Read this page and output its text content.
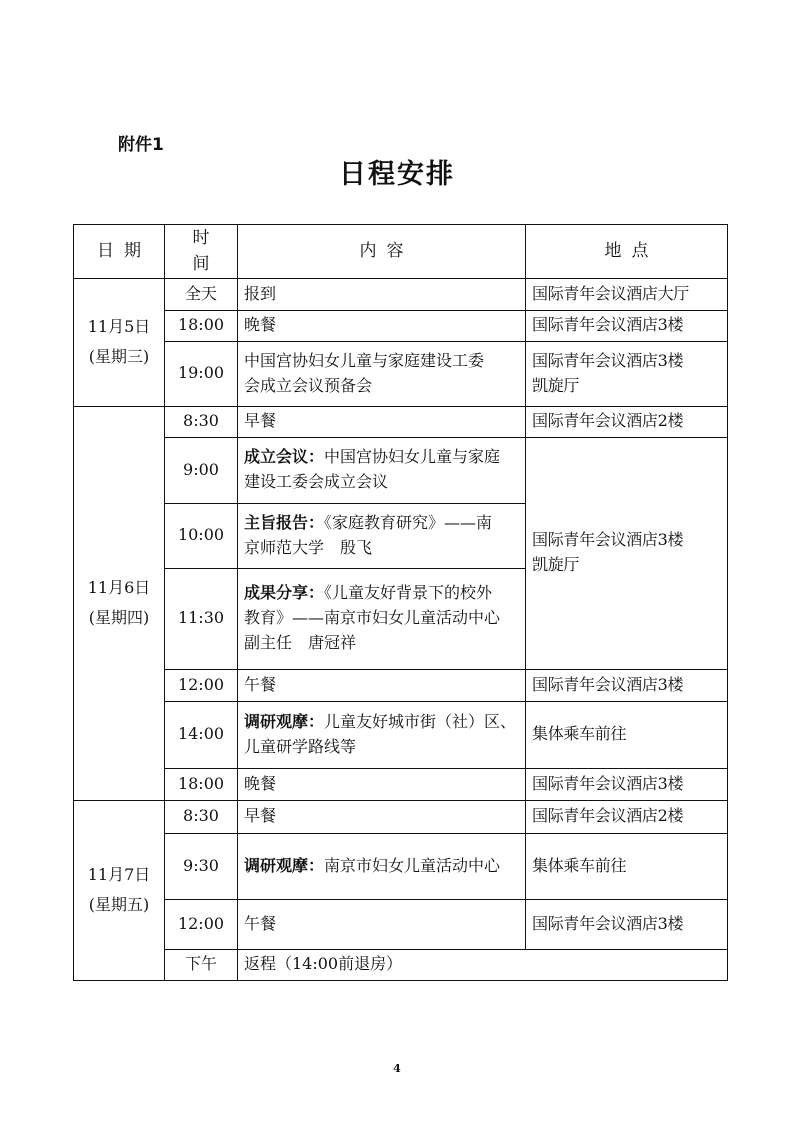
附件1
日程安排
日期	时间	内容	地点

11月5日
(星期三)	全天	报到	国际青年会议酒店大厅

	18:00	晚餐	国际青年会议酒店3楼

	19:00	中国宫协妇女儿童与家庭建设工委
会成立会议预备会	国际青年会议酒店3楼
凯旋厅

11月6日
(星期四)	8:30	早餐	国际青年会议酒店2楼

	9:00	成立会议：中国宫协妇女儿童与家庭
建设工委会成立会议	国际青年会议酒店3楼
凯旋厅

	10:00	主旨报告：《家庭教育研究》——南
京师范大学　殷飞	

	11:30	成果分享：《儿童友好背景下的校外
教育》——南京市妇女儿童活动中心
副主任　唐冠祥	

	12:00	午餐	国际青年会议酒店3楼

	14:00	调研观摩：儿童友好城市街（社）区、
儿童研学路线等	集体乘车前往

	18:00	晚餐	国际青年会议酒店3楼

11月7日
(星期五)	8:30	早餐	国际青年会议酒店2楼

	9:30	调研观摩：南京市妇女儿童活动中心	集体乘车前往

	12:00	午餐	国际青年会议酒店3楼

	下午	返程（14:00前退房）	
4
